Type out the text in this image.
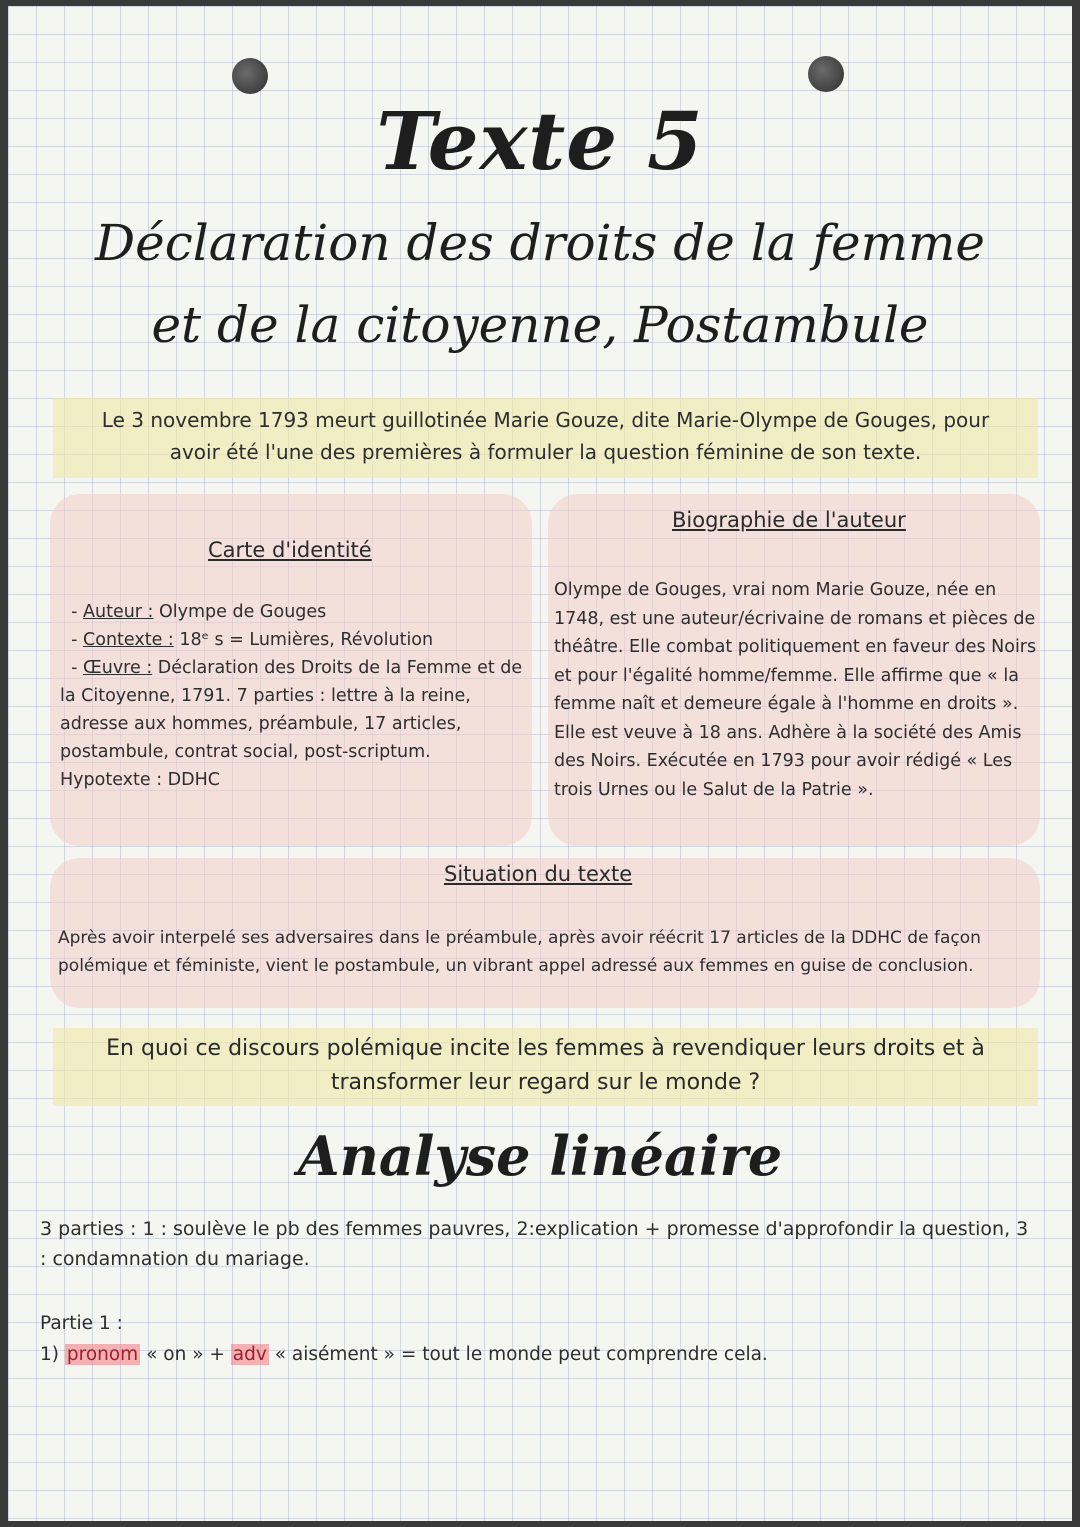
Texte 5
Déclaration des droits de la femme
et de la citoyenne, Postambule
Le 3 novembre 1793 meurt guillotinée Marie Gouze, dite Marie-Olympe de Gouges, pour
avoir été l'une des premières à formuler la question féminine de son texte.
Carte d'identité

- Auteur : Olympe de Gouges

- Contexte : 18ᵉ s = Lumières, Révolution

- Œuvre : Déclaration des Droits de la Femme et de la Citoyenne, 1791. 7 parties : lettre à la reine, adresse aux hommes, préambule, 17 articles, postambule, contrat social, post-scriptum.

Hypotexte : DDHC

Biographie de l'auteur

Olympe de Gouges, vrai nom Marie Gouze, née en 1748, est une auteur/écrivaine de romans et pièces de théâtre. Elle combat politiquement en faveur des Noirs et pour l'égalité homme/femme. Elle affirme que « la femme naît et demeure égale à l'homme en droits ». Elle est veuve à 18 ans. Adhère à la société des Amis des Noirs. Exécutée en 1793 pour avoir rédigé « Les trois Urnes ou le Salut de la Patrie ».

Situation du texte

Après avoir interpelé ses adversaires dans le préambule, après avoir réécrit 17 articles de la DDHC de façon polémique et féministe, vient le postambule, un vibrant appel adressé aux femmes en guise de conclusion.

En quoi ce discours polémique incite les femmes à revendiquer leurs droits et à
transformer leur regard sur le monde ?
Analyse linéaire

3 parties : 1 : soulève le pb des femmes pauvres, 2:explication + promesse d'approfondir la question, 3 : condamnation du mariage.

Partie 1 :
1) pronom « on » + adv « aisément » = tout le monde peut comprendre cela.
